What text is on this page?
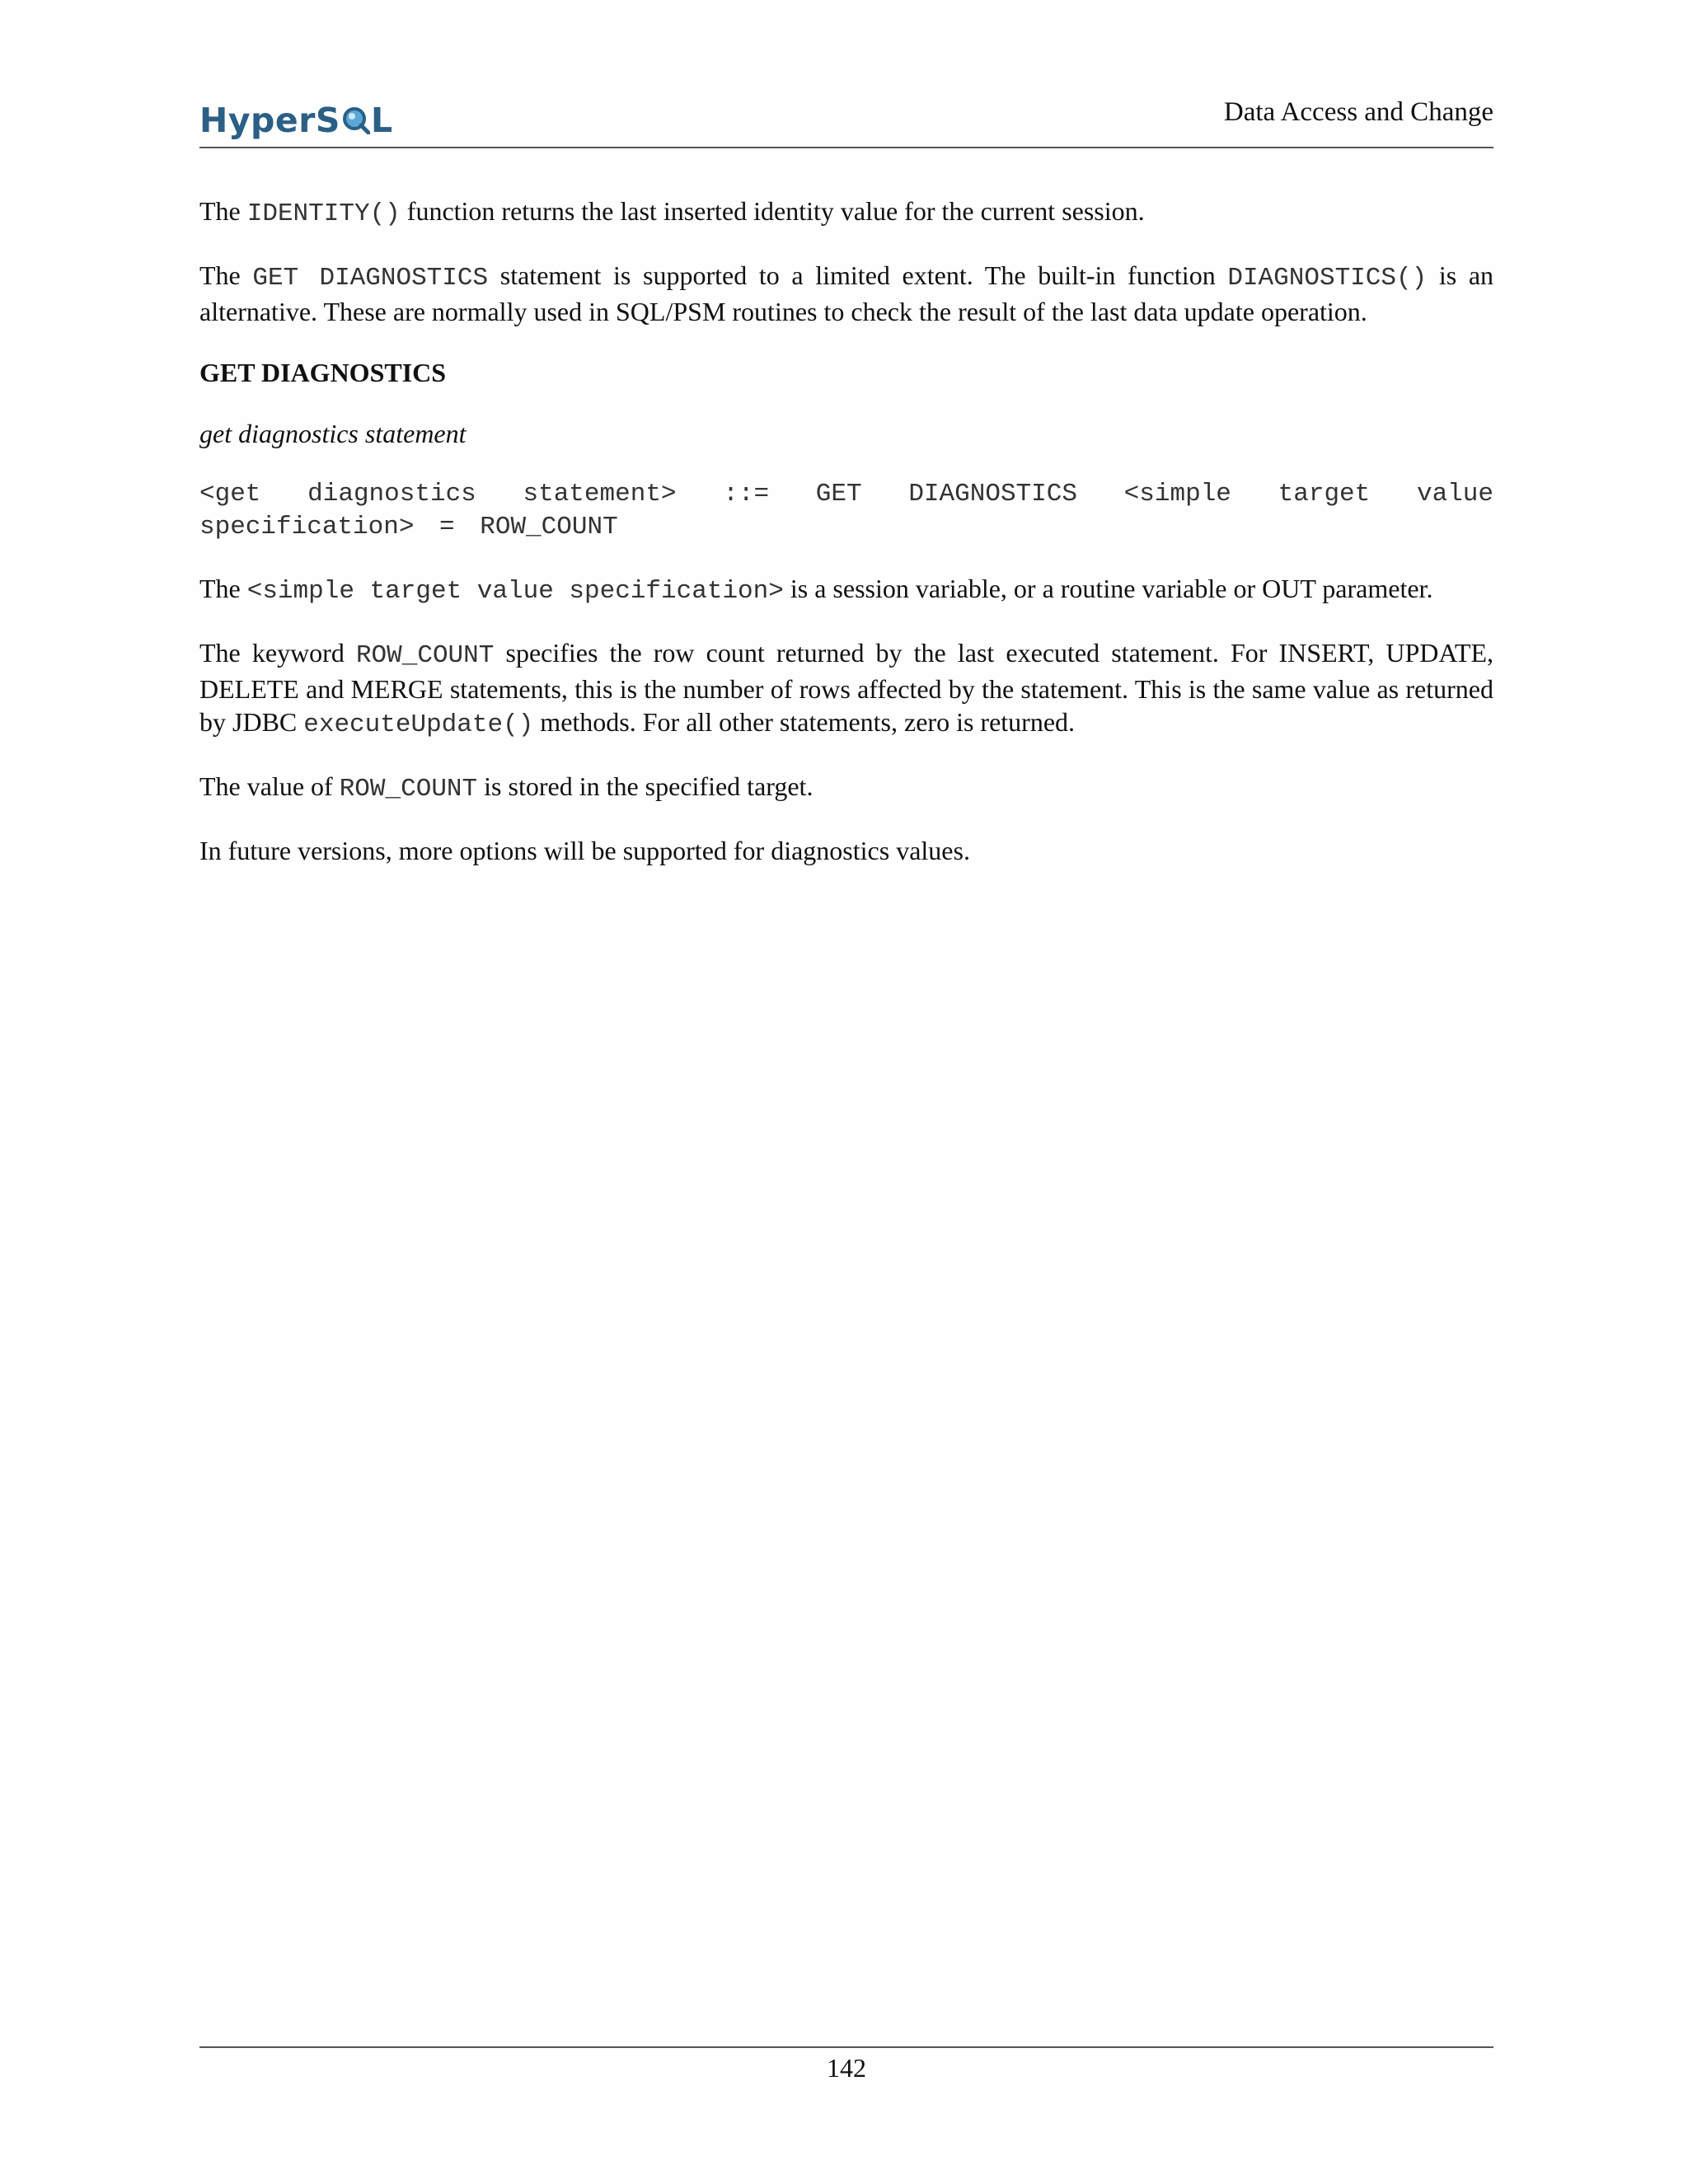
HyperS L	Data Access and Change

The IDENTITY() function returns the last inserted identity value for the current session.

The GET DIAGNOSTICS statement is supported to a limited extent. The built-in function DIAGNOSTICS() is an alternative. These are normally used in SQL/PSM routines to check the result of the last data update operation.

GET DIAGNOSTICS
get diagnostics statement
<get diagnostics statement> ::= GET DIAGNOSTICS <simple target value specification> = ROW_COUNT

The <simple target value specification> is a session variable, or a routine variable or OUT parameter.

The keyword ROW_COUNT specifies the row count returned by the last executed statement. For INSERT, UPDATE, DELETE and MERGE statements, this is the number of rows affected by the statement. This is the same value as returned by JDBC executeUpdate() methods. For all other statements, zero is returned.

The value of ROW_COUNT is stored in the specified target.

In future versions, more options will be supported for diagnostics values.

142
